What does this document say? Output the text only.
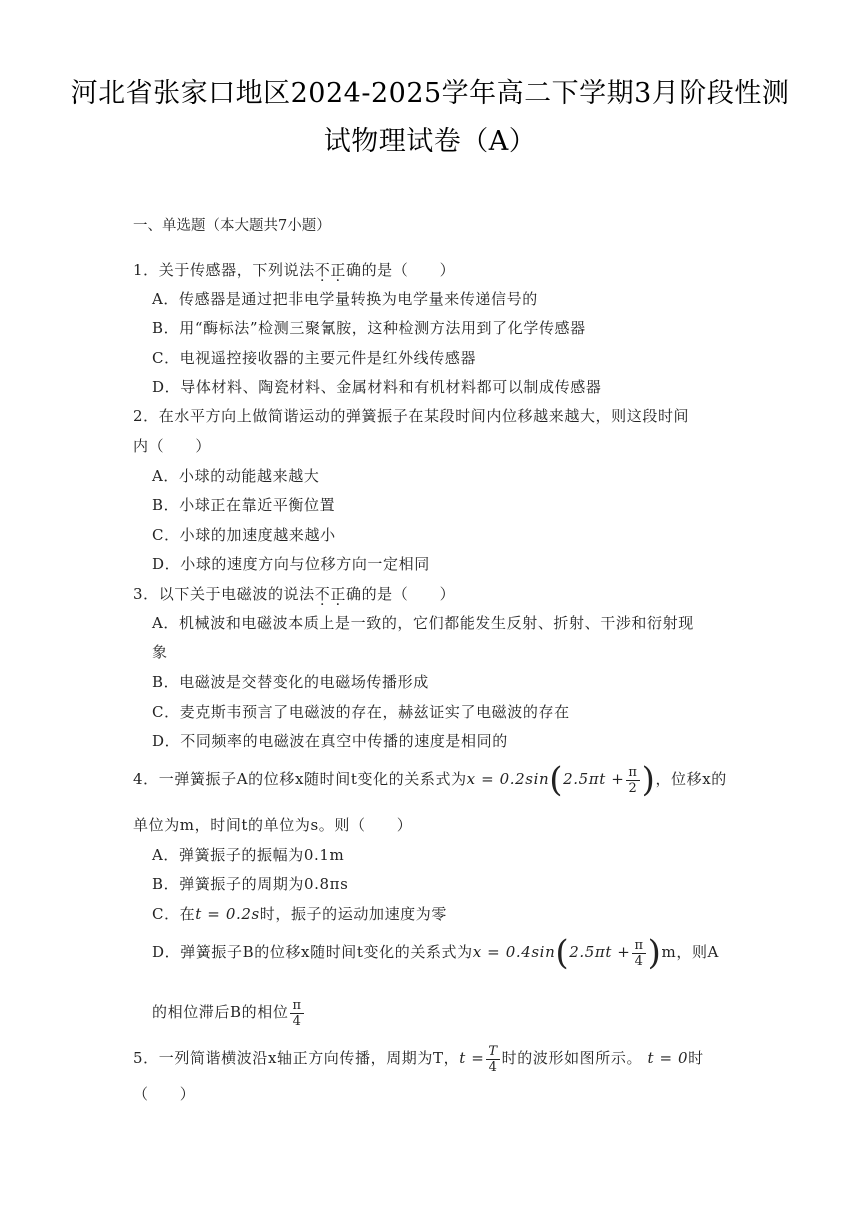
河北省张家口地区2024-2025学年高二下学期3月阶段性测
试物理试卷（A）
一、单选题（本大题共7小题）
1．关于传感器，下列说法不正确的是（　　）
A．传感器是通过把非电学量转换为电学量来传递信号的
B．用“酶标法”检测三聚氰胺，这种检测方法用到了化学传感器
C．电视遥控接收器的主要元件是红外线传感器
D．导体材料、陶瓷材料、金属材料和有机材料都可以制成传感器
2．在水平方向上做简谐运动的弹簧振子在某段时间内位移越来越大，则这段时间
内（　　）
A．小球的动能越来越大
B．小球正在靠近平衡位置
C．小球的加速度越来越小
D．小球的速度方向与位移方向一定相同
3．以下关于电磁波的说法不正确的是（　　）
A．机械波和电磁波本质上是一致的，它们都能发生反射、折射、干涉和衍射现
象
B．电磁波是交替变化的电磁场传播形成
C．麦克斯韦预言了电磁波的存在，赫兹证实了电磁波的存在
D．不同频率的电磁波在真空中传播的速度是相同的
4．一弹簧振子A的位移x随时间t变化的关系式为$x = 0.2\sin(2.5\pi t + \frac{\pi}{2}$ )，位移x的
单位为m，时间t的单位为s。则（　　）
A．弹簧振子的振幅为0.1m
B．弹簧振子的周期为0.8πs
C．在t = 0.2s时，振子的运动加速度为零
D．弹簧振子B的位移x随时间t变化的关系式为$x = 0.4\sin(2.5\pi t + \frac{\pi}{4} )m$，则A
的相位滞后B的相位 $\frac{\pi}{4}$
5．一列简谐横波沿x轴正方向传播，周期为T，$t = \frac{T}{4}$ 时的波形如图所示。 t = 0时
（　　）
